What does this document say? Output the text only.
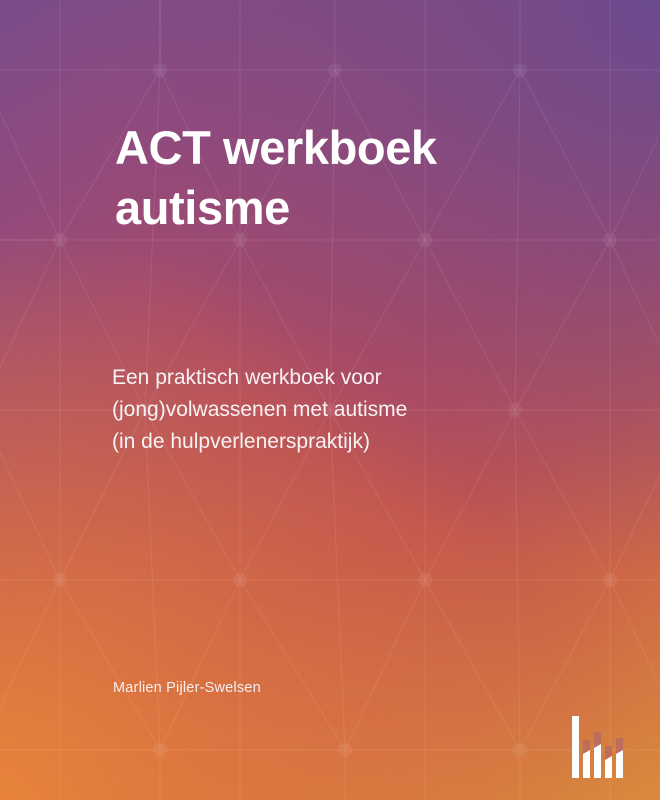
ACT werkboek
autisme
Een praktisch werkboek voor
(jong)volwassenen met autisme
(in de hulpverlenerspraktijk)
Marlien Pijler-Swelsen
